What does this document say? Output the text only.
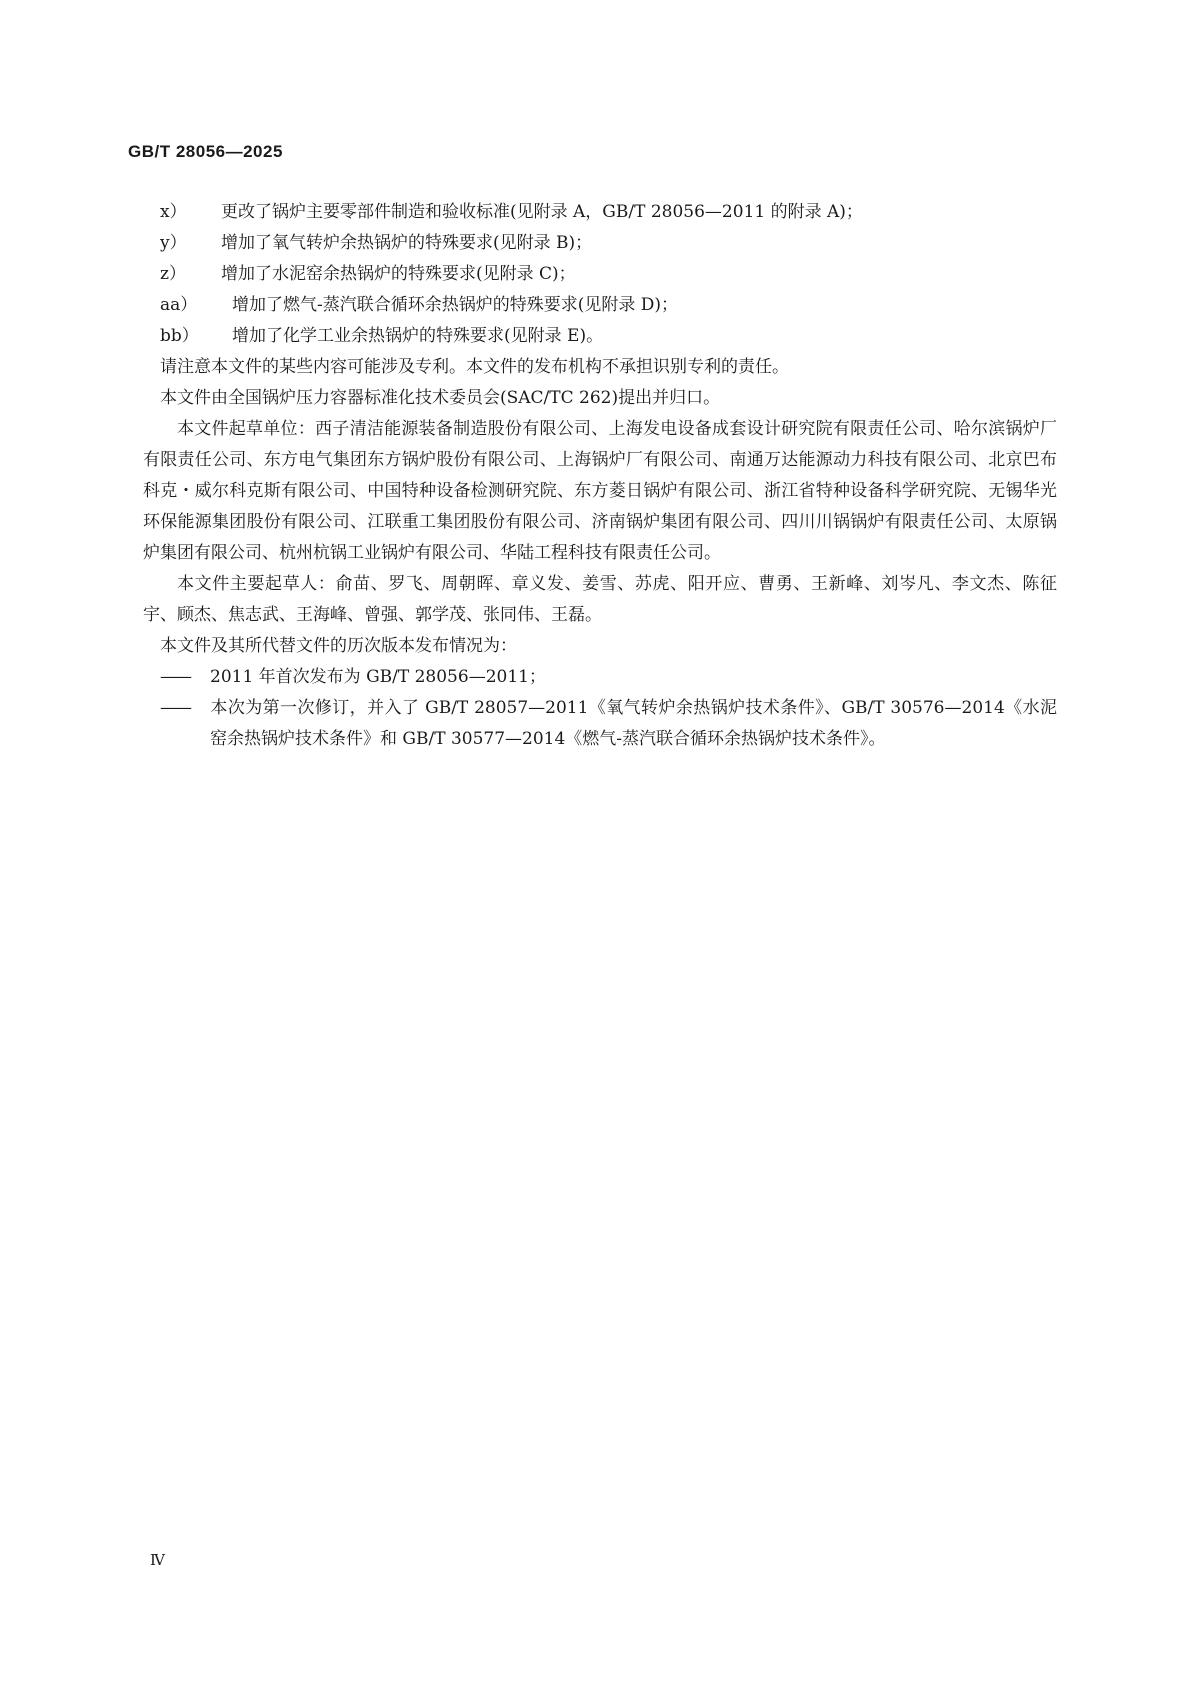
GB/T 28056—2025
x） 更改了锅炉主要零部件制造和验收标准(见附录 A，GB/T 28056—2011 的附录 A)；
y） 增加了氧气转炉余热锅炉的特殊要求(见附录 B)；
z） 增加了水泥窑余热锅炉的特殊要求(见附录 C)；
aa） 增加了燃气-蒸汽联合循环余热锅炉的特殊要求(见附录 D)；
bb） 增加了化学工业余热锅炉的特殊要求(见附录 E)。
请注意本文件的某些内容可能涉及专利。本文件的发布机构不承担识别专利的责任。
本文件由全国锅炉压力容器标准化技术委员会(SAC/TC 262)提出并归口。
本文件起草单位：西子清洁能源装备制造股份有限公司、上海发电设备成套设计研究院有限责任公司、哈尔滨锅炉厂有限责任公司、东方电气集团东方锅炉股份有限公司、上海锅炉厂有限公司、南通万达能源动力科技有限公司、北京巴布科克・威尔科克斯有限公司、中国特种设备检测研究院、东方菱日锅炉有限公司、浙江省特种设备科学研究院、无锡华光环保能源集团股份有限公司、江联重工集团股份有限公司、济南锅炉集团有限公司、四川川锅锅炉有限责任公司、太原锅炉集团有限公司、杭州杭锅工业锅炉有限公司、华陆工程科技有限责任公司。
本文件主要起草人：俞苗、罗飞、周朝晖、章义发、姜雪、苏虎、阳开应、曹勇、王新峰、刘岑凡、李文杰、陈征宇、顾杰、焦志武、王海峰、曾强、郭学茂、张同伟、王磊。
本文件及其所代替文件的历次版本发布情况为：
—— 2011 年首次发布为 GB/T 28056—2011；
—— 本次为第一次修订，并入了 GB/T 28057—2011《氧气转炉余热锅炉技术条件》、GB/T 30576—2014《水泥窑余热锅炉技术条件》和 GB/T 30577—2014《燃气-蒸汽联合循环余热锅炉技术条件》。
Ⅳ
